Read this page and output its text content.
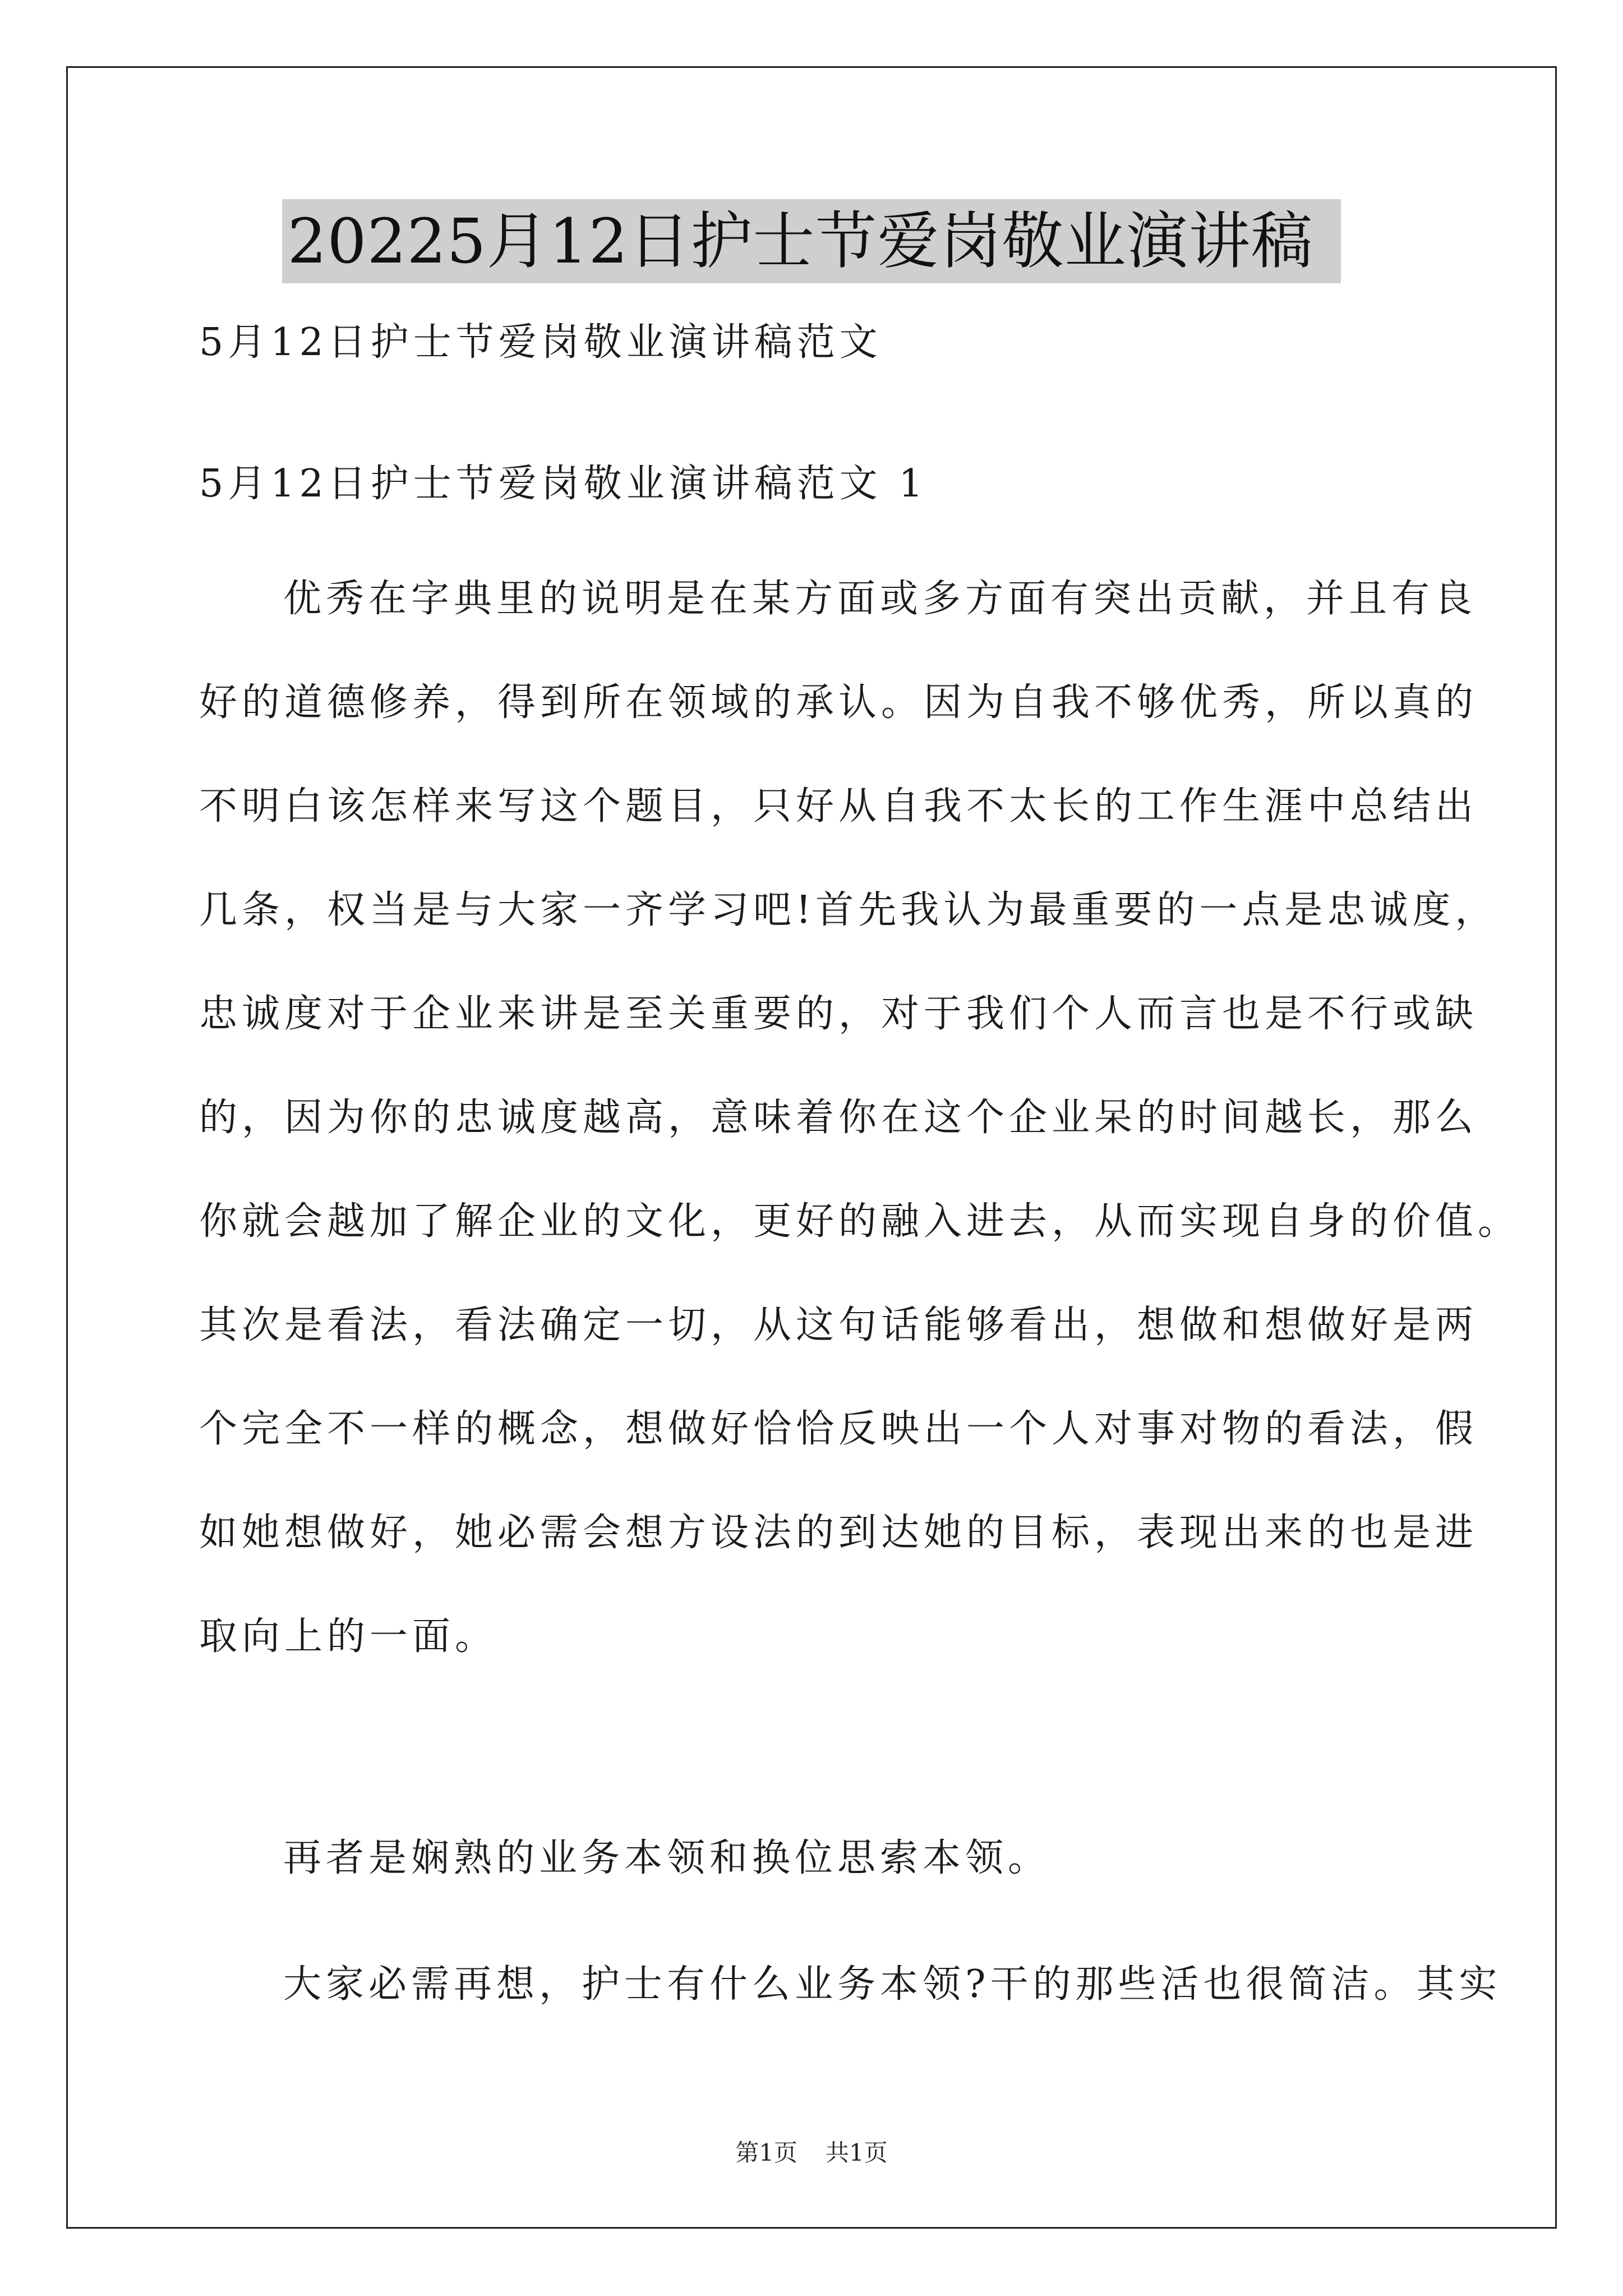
20225月12日护士节爱岗敬业演讲稿
5月12日护士节爱岗敬业演讲稿范文
5月12日护士节爱岗敬业演讲稿范文 1
优秀在字典里的说明是在某方面或多方面有突出贡献，并且有良
好的道德修养，得到所在领域的承认。因为自我不够优秀，所以真的
不明白该怎样来写这个题目，只好从自我不太长的工作生涯中总结出
几条，权当是与大家一齐学习吧!首先我认为最重要的一点是忠诚度，
忠诚度对于企业来讲是至关重要的，对于我们个人而言也是不行或缺
的，因为你的忠诚度越高，意味着你在这个企业呆的时间越长，那么
你就会越加了解企业的文化，更好的融入进去，从而实现自身的价值。
其次是看法，看法确定一切，从这句话能够看出，想做和想做好是两
个完全不一样的概念，想做好恰恰反映出一个人对事对物的看法，假
如她想做好，她必需会想方设法的到达她的目标，表现出来的也是进
取向上的一面。
再者是娴熟的业务本领和换位思索本领。
大家必需再想，护士有什么业务本领?干的那些活也很简洁。其实
第1页 共1页
